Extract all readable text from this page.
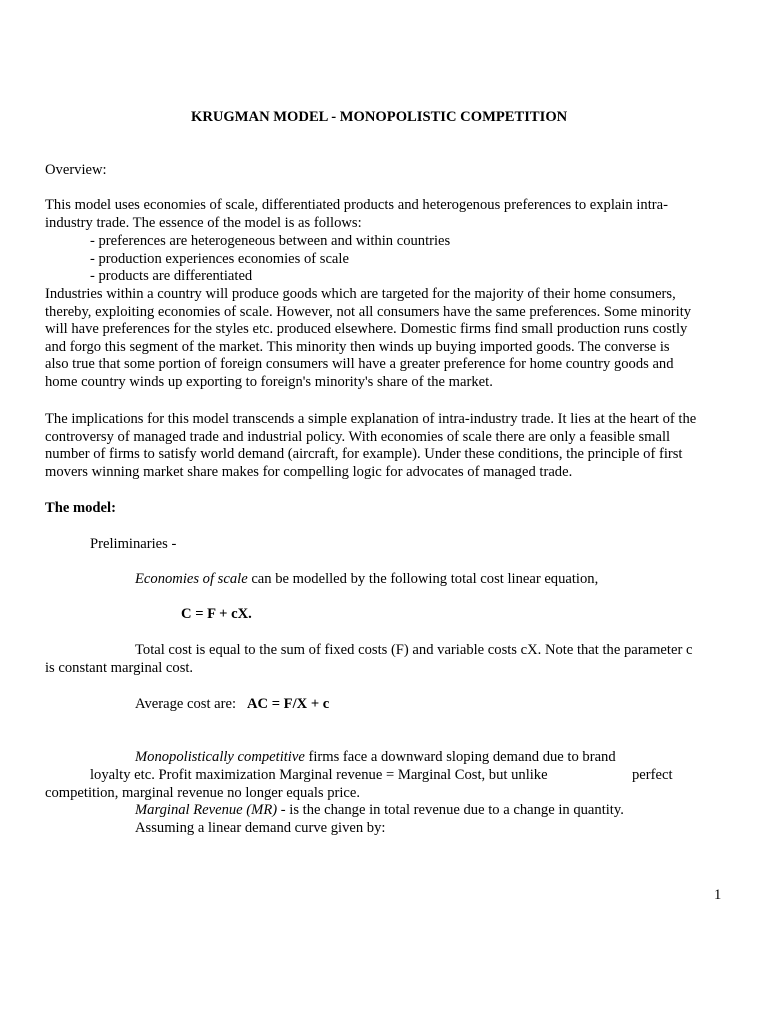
KRUGMAN MODEL - MONOPOLISTIC COMPETITION

Overview:

This model uses economies of scale, differentiated products and heterogenous preferences to explain intra-
industry trade. The essence of the model is as follows:
- preferences are heterogeneous between and within countries
- production experiences economies of scale
- products are differentiated
Industries within a country will produce goods which are targeted for the majority of their home consumers,
thereby, exploiting economies of scale. However, not all consumers have the same preferences. Some minority
will have preferences for the styles etc. produced elsewhere. Domestic firms find small production runs costly
and forgo this segment of the market. This minority then winds up buying imported goods. The converse is
also true that some portion of foreign consumers will have a greater preference for home country goods and
home country winds up exporting to foreign's minority's share of the market.
The implications for this model transcends a simple explanation of intra-industry trade. It lies at the heart of the
controversy of managed trade and industrial policy. With economies of scale there are only a feasible small
number of firms to satisfy world demand (aircraft, for example). Under these conditions, the principle of first
movers winning market share makes for compelling logic for advocates of managed trade.

The model:

Preliminaries -

Economies of scale can be modelled by the following total cost linear equation,

C = F + cX.

Total cost is equal to the sum of fixed costs (F) and variable costs cX. Note that the parameter c

is constant marginal cost.

Average cost are: AC = F/X + c

Monopolistically competitive firms face a downward sloping demand due to brand

loyalty etc. Profit maximization Marginal revenue = Marginal Cost, but unlike	perfect

competition, marginal revenue no longer equals price.

Marginal Revenue (MR) - is the change in total revenue due to a change in quantity.

Assuming a linear demand curve given by:

1
